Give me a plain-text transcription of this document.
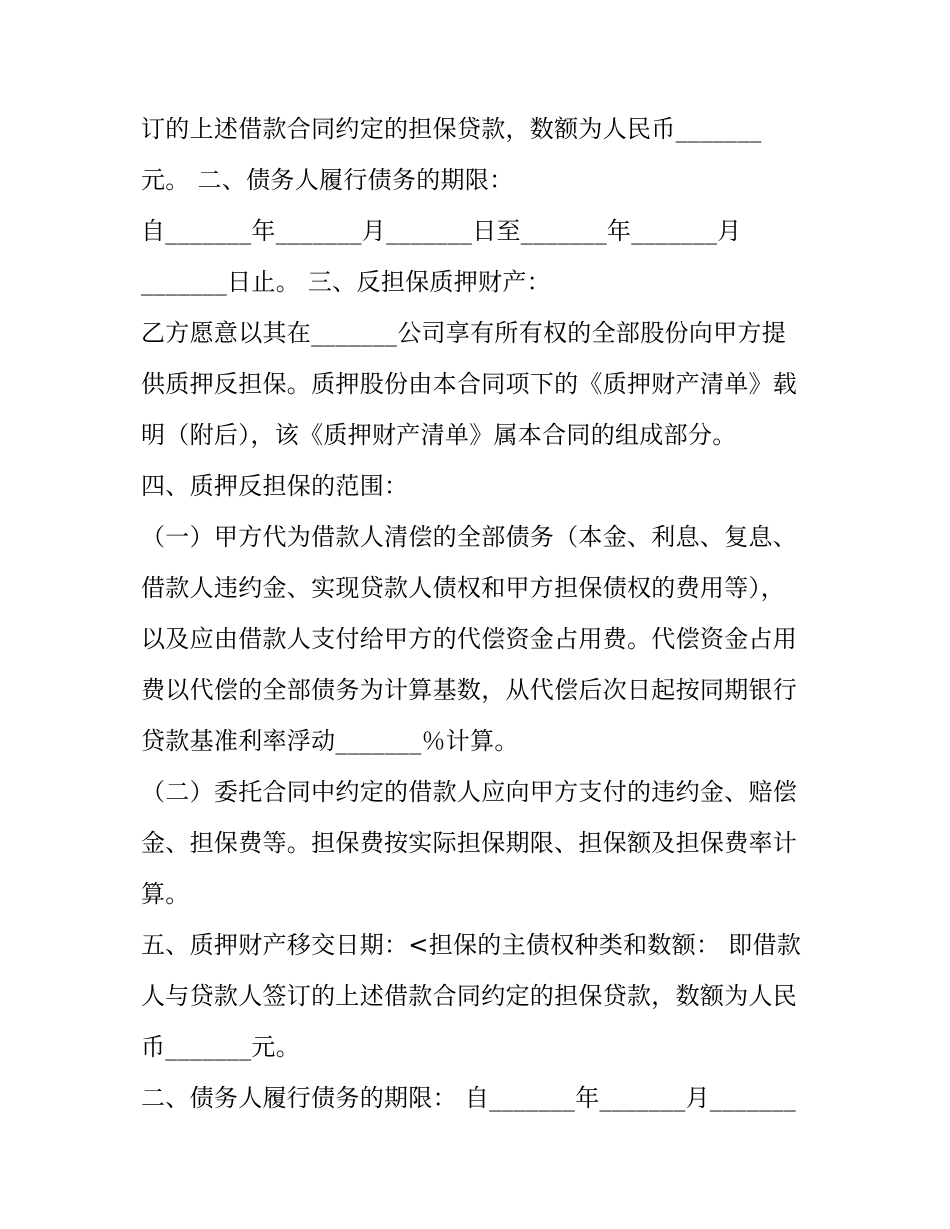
订的上述借款合同约定的担保贷款，数额为人民币_______
元。 二、债务人履行债务的期限：
自_______年_______月_______日至_______年_______月
_______日止。 三、反担保质押财产：
乙方愿意以其在_______公司享有所有权的全部股份向甲方提
供质押反担保。质押股份由本合同项下的《质押财产清单》载
明（附后），该《质押财产清单》属本合同的组成部分。
四、质押反担保的范围：
（一）甲方代为借款人清偿的全部债务（本金、利息、复息、
借款人违约金、实现贷款人债权和甲方担保债权的费用等），
以及应由借款人支付给甲方的代偿资金占用费。代偿资金占用
费以代偿的全部债务为计算基数，从代偿后次日起按同期银行
贷款基准利率浮动_______％计算。
（二）委托合同中约定的借款人应向甲方支付的违约金、赔偿
金、担保费等。担保费按实际担保期限、担保额及担保费率计
算。
五、质押财产移交日期：<担保的主债权种类和数额： 即借款
人与贷款人签订的上述借款合同约定的担保贷款，数额为人民
币_______元。
二、债务人履行债务的期限： 自_______年_______月_______
